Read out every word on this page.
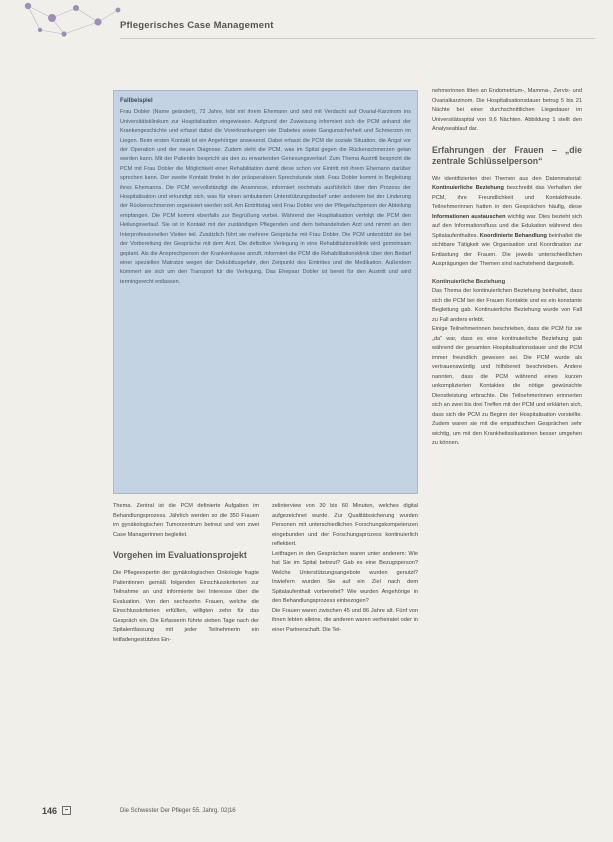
Pflegerisches Case Management
Fallbeispiel
Frau Dobler (Name geändert), 72 Jahre, lebt mit ihrem Ehemann und wird mit Verdacht auf Ovarial-Karzinom ins Universitätsklinikum zur Hospitalisation eingewiesen. Aufgrund der Zuweisung informiert sich die PCM anhand der Krankengeschichte und erfasst dabei die Vorerkrankungen wie Diabetes sowie Gangunsicherheit und Schmerzen im Liegen. Beim ersten Kontakt ist ein Angehöriger anwesend. Dabei erfasst die PCM die soziale Situation, die Angst vor der Operation und der neuen Diagnose. Zudem sieht die PCM, was im Spital gegen die Rückenschmerzen getan werden kann. Mit der Patientin bespricht sie den zu erwartenden Genesungsverlauf. Zum Thema Austritt bespricht die PCM mit Frau Dobler die Möglichkeit einer Rehabilitation damit diese schon vor Eintritt mit ihrem Ehemann darüber sprechen kann. Der zweite Kontakt findet in der präoperativen Sprechstunde statt. Frau Dobler kommt in Begleitung ihres Ehemanns. Die PCM vervollständigt die Anamnese, informiert nochmals ausführlich über den Prozess der Hospitalisation und erkundigt sich, was für einen ambulanten Unterstützungsbedarf unter anderem bei der Linderung der Rückenschmerzen organisiert werden soll. Am Eintrittstag wird Frau Dobler von der Pflegefachperson der Abteilung empfangen. Die PCM kommt ebenfalls zur Begrüßung vorbei. Während der Hospitalisation verfolgt die PCM den Heilungsverlauf. Sie ist in Kontakt mit der zuständigen Pflegenden und dem behandelnden Arzt und nimmt an den Interprofessionellen Visiten teil. Zusätzlich führt sie mehrere Gespräche mit Frau Dobler. Die PCM unterstützt sie bei der Vorbereitung der Gespräche mit dem Arzt. Die definitive Verlegung in eine Rehabilitationsklinik wird gemeinsam geplant. Als die Ansprechperson der Krankenkasse anruft, informiert die PCM die Rehabilitationsklinik über den Bedarf einer speziellen Matratze wegen der Dekubitusgefahr, den Zeitpunkt des Eintrittes und die Medikation. Außerdem kümmert sie sich um den Transport für die Verlegung. Das Ehepaar Dobler ist bereit für den Austritt und wird termingerecht entlassen.

nehmerinnen litten an Endometrium-, Mamma-, Zervix- und Ovarialkarzinom. Die Hospitalisationsdauer betrug 5 bis 21 Nächte bei einer durchschnittlichen Liegedauer im Universitätsspital von 9,6 Nächten. Abbildung 1 stellt den Analyseablauf dar.

Erfahrungen der Frauen – „die zentrale Schlüsselperson“

Wir identifizierten drei Themen aus den Datenmaterial: Kontinuierliche Beziehung beschreibt das Verhalten der PCM, ihre Freundlichkeit und Kontaktfreude. Teilnehmerinnen hatten in den Gesprächen häufig, diese Informationen austauschen wichtig war. Dies bezieht sich auf den Informationsfluss und die Edukation während des Spitalaufenthaltes. Koordinierte Behandlung beinhaltet die sichtbare Tätigkeit wie Organisation und Koordination zur Entlastung der Frauen. Die jeweils unterschiedlichen Ausprägungen der Themen sind nachstehend dargestellt.

Kontinuierliche Beziehung

Das Thema der kontinuierlichen Beziehung beinhaltet, dass sich die PCM bei der Frauen Kontakte und es ein konstante Begleitung gab. Kontinuierliche Beziehung wurde von Fall zu Fall anders erlebt.

Einige Teilnehmerinnen beschrieben, dass die PCM für sie „da“ war, dass es eine kontinuierliche Beziehung gab während der gesamten Hospitalisationsdauer und die PCM immer freundlich gewesen sei. Die PCM wurde als vertrauenswürdig und hilfsbereit beschrieben. Andere nannten, dass die PCM während eines kurzen unkomplizierten Kontaktes die nötige gewünschte Dienstleistung erbrachte. Die Teilnehmerinnen erinnerten sich an zwei bis drei Treffen mit der PCM und erklärten sich, dass sich die PCM zu Beginn der Hospitalisation vorstellte. Zudem waren sie mit die empathischen Gesprächen sehr wichtig, um mit den Krankheitssituationen besser umgehen zu können.

Thema. Zentral ist die PCM definierte Aufgaben im Behandlungsprozess. Jährlich werden so die 350 Frauen im gynäkologischen Tumorzentrum betreut und von zwei Case Managerinnen begleitet.

Vorgehen im Evaluationsprojekt

Die Pflegeexpertin der gynäkologischen Onkologie fragte Patientinnen gemäß folgenden Einschlusskriterien zur Teilnahme an und informierte bei Interesse über die Evaluation. Von den sechszehn Frauen, welche die Einschlusskriterien erfüllten, willigten zehn für das Gespräch ein. Die Erfasserin führte sieben Tage nach der Spitalentlassung mit jeder Teilnehmerin ein leitfadengestütztes Ein-

zelinterview von 30 bis 60 Minuten, welches digital aufgezeichnet wurde. Zur Qualitätssicherung wurden Personen mit unterschiedlichen Forschungskompetenzen eingebunden und der Forschungsprozess kontinuierlich reflektiert.

Leitfragen in den Gesprächen waren unter anderem: Wie hat Sie im Spital betreut? Gab es eine Bezugsperson? Welche Unterstützungsangebote wurden genutzt? Inwiefern wurden Sie auf ein Ziel nach dem Spitalaufenthalt vorbereitet? Wie wurden Angehörige in den Behandlungsprozess einbezogen?

Die Frauen waren zwischen 45 und 86 Jahre alt. Fünf von ihnen lebten alleine, die anderen waren verheiratet oder in einer Partnerschaft. Die Tei-

146	Die Schwester Der Pfleger 55. Jahrg. 02|16
